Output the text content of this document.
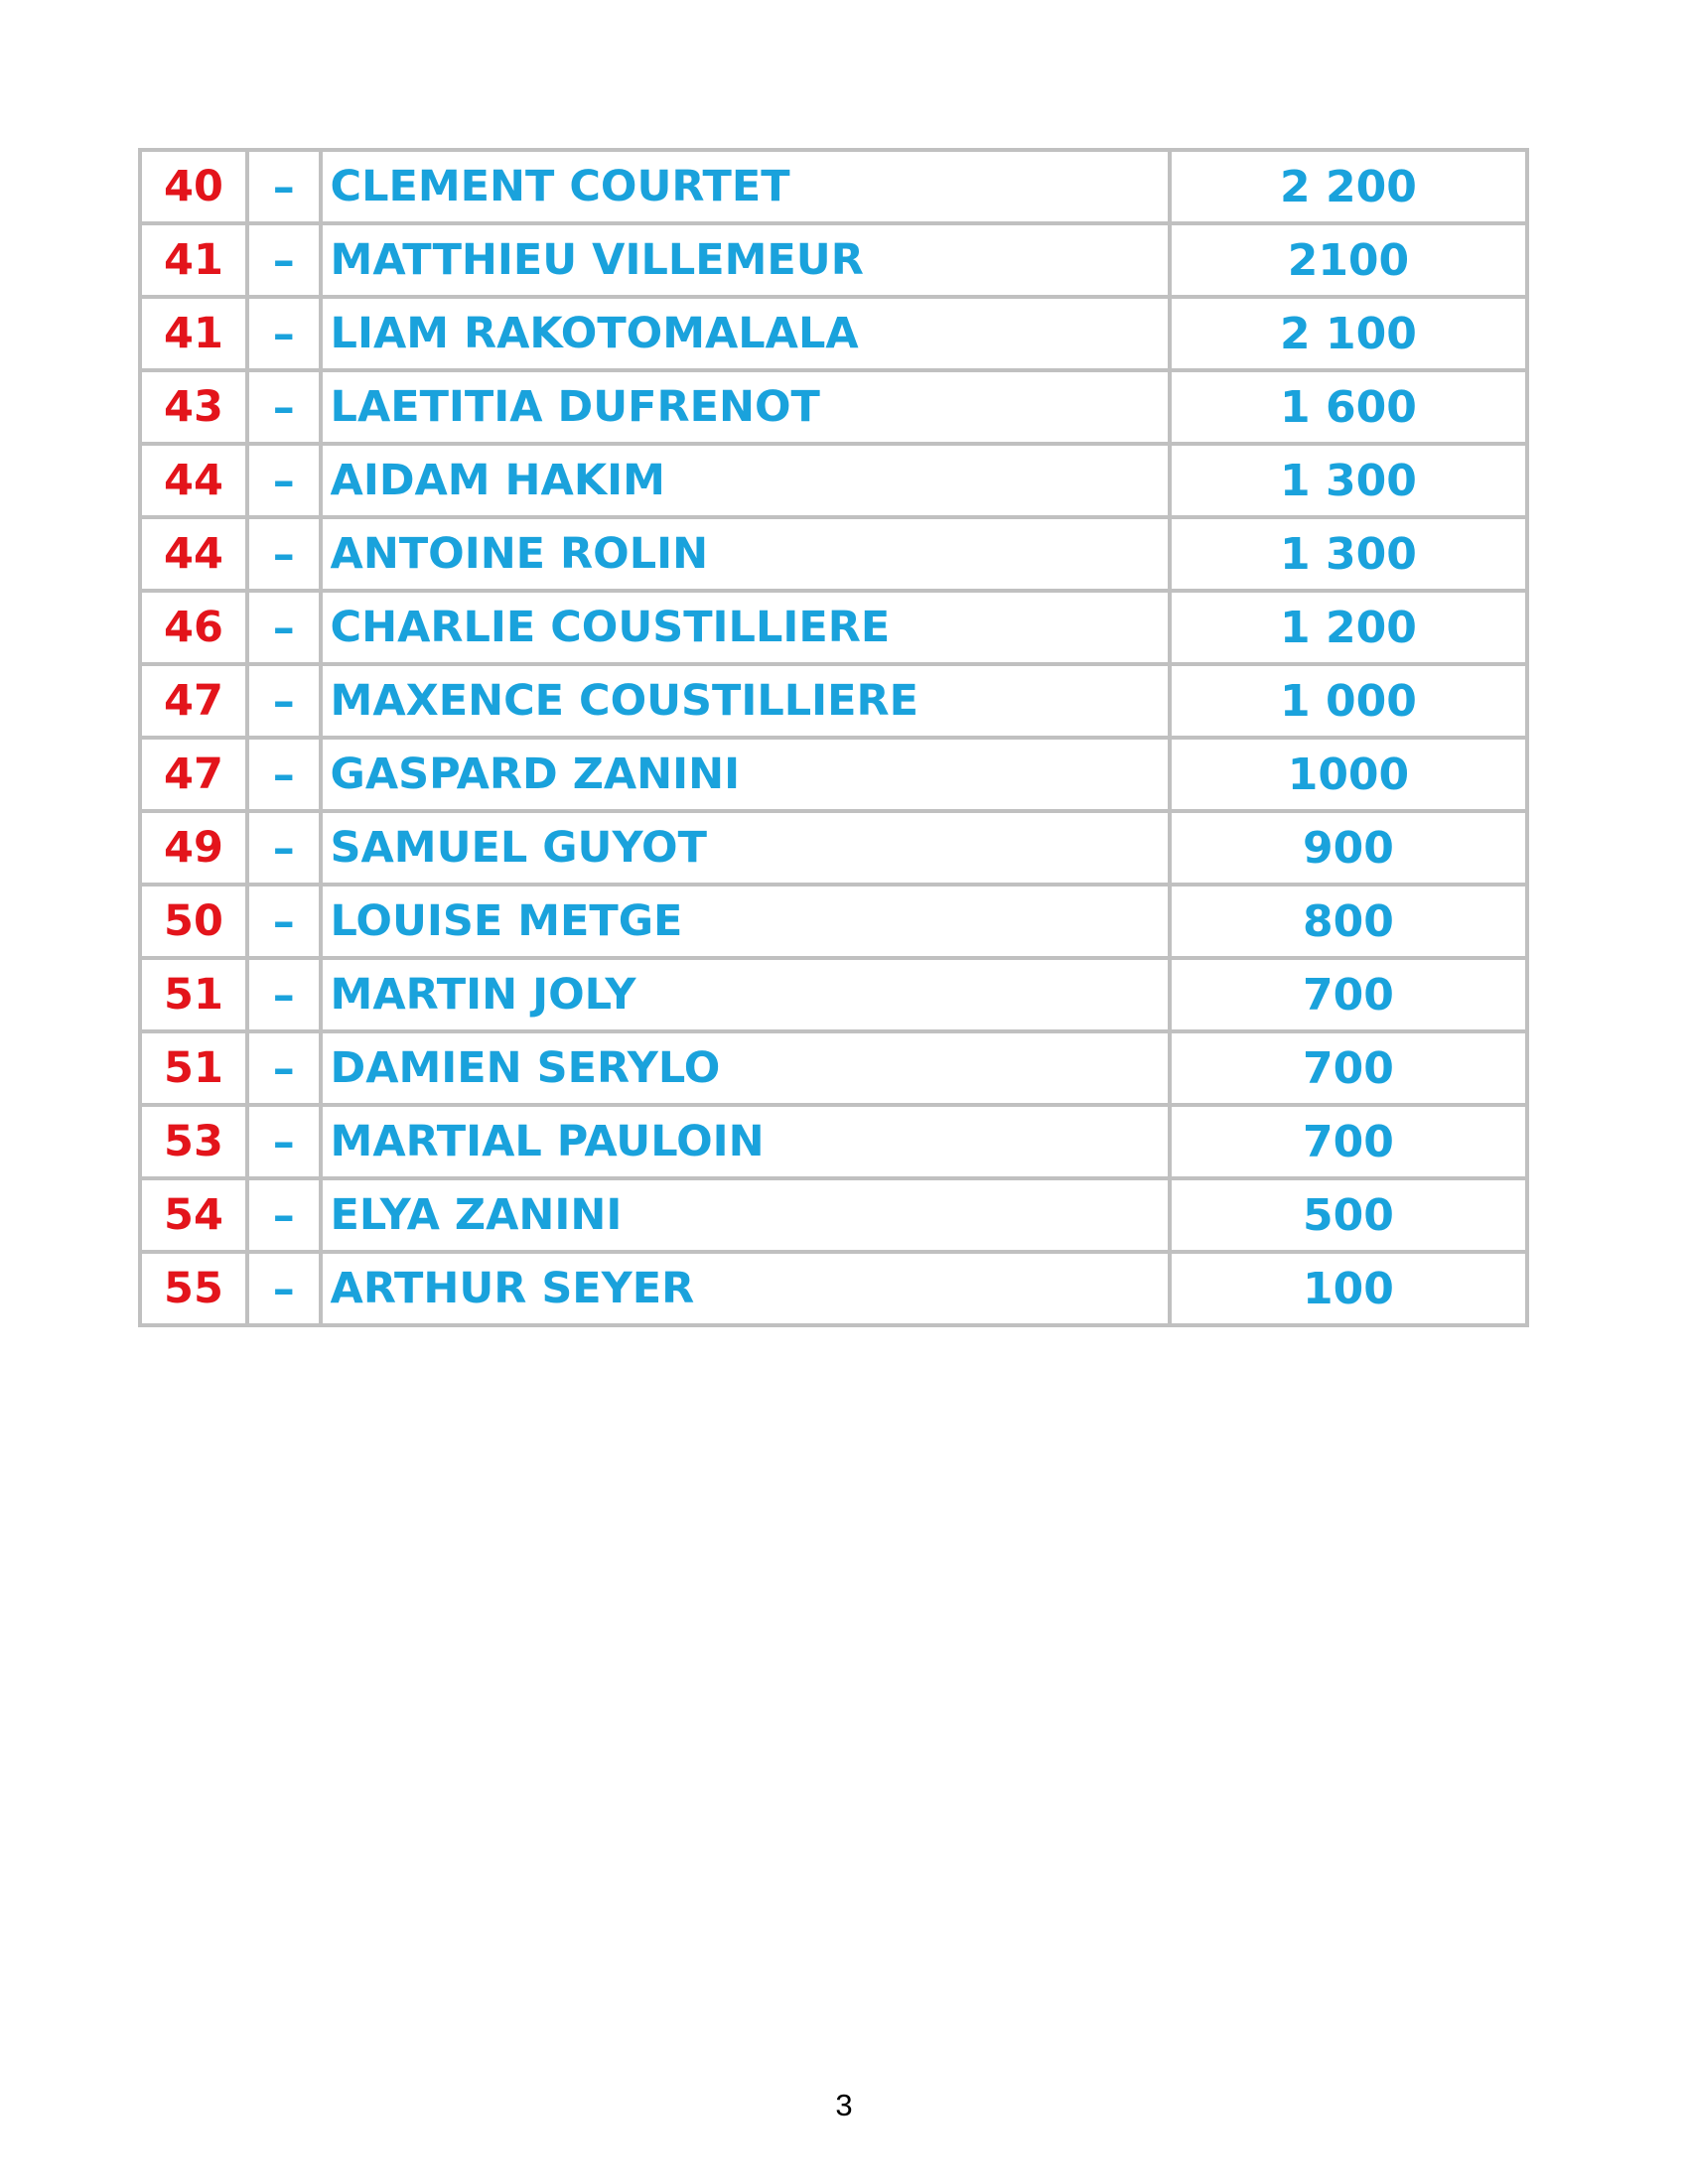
40	–	CLEMENT COURTET	2 200
41	–	MATTHIEU VILLEMEUR	2100
41	–	LIAM RAKOTOMALALA	2 100
43	–	LAETITIA DUFRENOT	1 600
44	–	AIDAM HAKIM	1 300
44	–	ANTOINE ROLIN	1 300
46	–	CHARLIE COUSTILLIERE	1 200
47	–	MAXENCE COUSTILLIERE	1 000
47	–	GASPARD ZANINI	1000
49	–	SAMUEL GUYOT	900
50	–	LOUISE METGE	800
51	–	MARTIN JOLY	700
51	–	DAMIEN SERYLO	700
53	–	MARTIAL PAULOIN	700
54	–	ELYA ZANINI	500
55	–	ARTHUR SEYER	100
3
